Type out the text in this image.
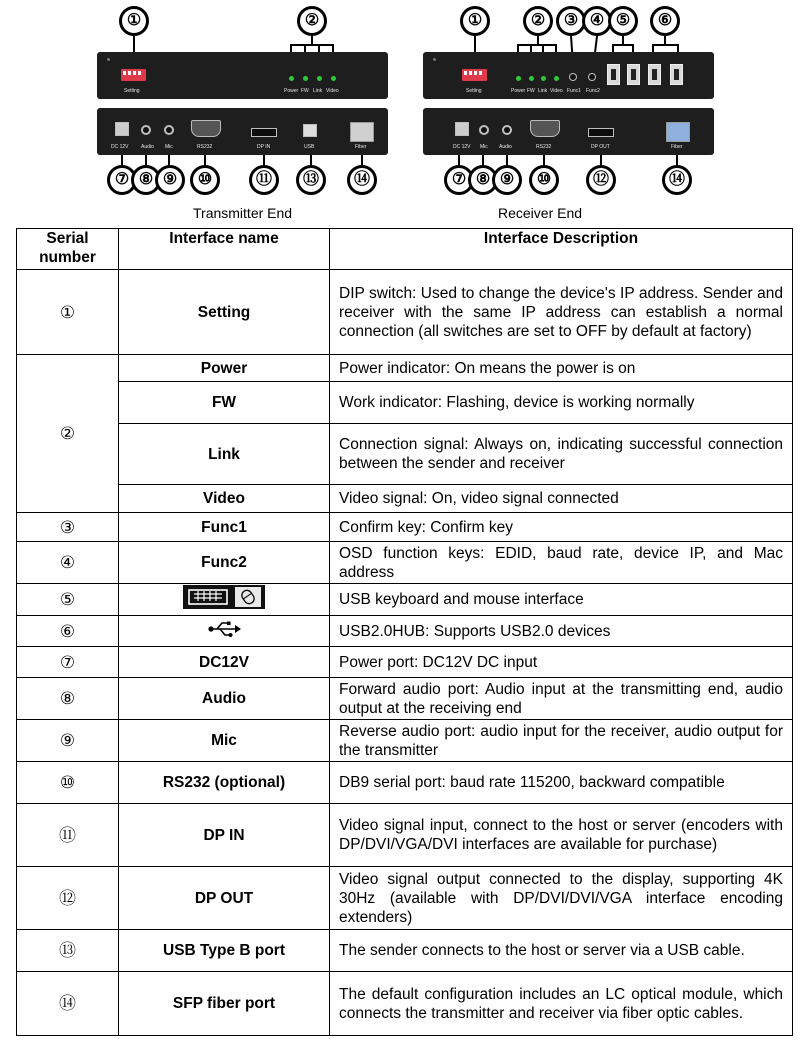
①	②
Setting	Power FW Link Video
DC 12V Audio Mic	RS232	DP IN	USB	Fiber
⑦ ⑧ ⑨	⑩	⑪	⑬	⑭
Transmitter End
①	②	③ ④ ⑤	⑥
Setting	Power FW Link Video Func1 Func2
DC 12V Mic Audio	RS232	DP OUT	Fiber
⑦ ⑧ ⑨	⑩	⑫	⑭
Receiver End
Serial number	Interface name	Interface Description
①	Setting	DIP switch: Used to change the device's IP address. Sender and receiver with the same IP address can establish a normal connection (all switches are set to OFF by default at factory)
②	Power	Power indicator: On means the power is on
	FW	Work indicator: Flashing, device is working normally
	Link	Connection signal: Always on, indicating successful connection between the sender and receiver
	Video	Video signal: On, video signal connected
③	Func1	Confirm key: Confirm key
④	Func2	OSD function keys: EDID, baud rate, device IP, and Mac address
⑤		USB keyboard and mouse interface
⑥		USB2.0HUB: Supports USB2.0 devices
⑦	DC12V	Power port: DC12V DC input
⑧	Audio	Forward audio port: Audio input at the transmitting end, audio output at the receiving end
⑨	Mic	Reverse audio port: audio input for the receiver, audio output for the transmitter
⑩	RS232 (optional)	DB9 serial port: baud rate 115200, backward compatible
⑪	DP IN	Video signal input, connect to the host or server (encoders with DP/DVI/VGA/DVI interfaces are available for purchase)
⑫	DP OUT	Video signal output connected to the display, supporting 4K 30Hz (available with DP/DVI/DVI/VGA interface encoding extenders)
⑬	USB Type B port	The sender connects to the host or server via a USB cable.
⑭	SFP fiber port	The default configuration includes an LC optical module, which connects the transmitter and receiver via fiber optic cables.
